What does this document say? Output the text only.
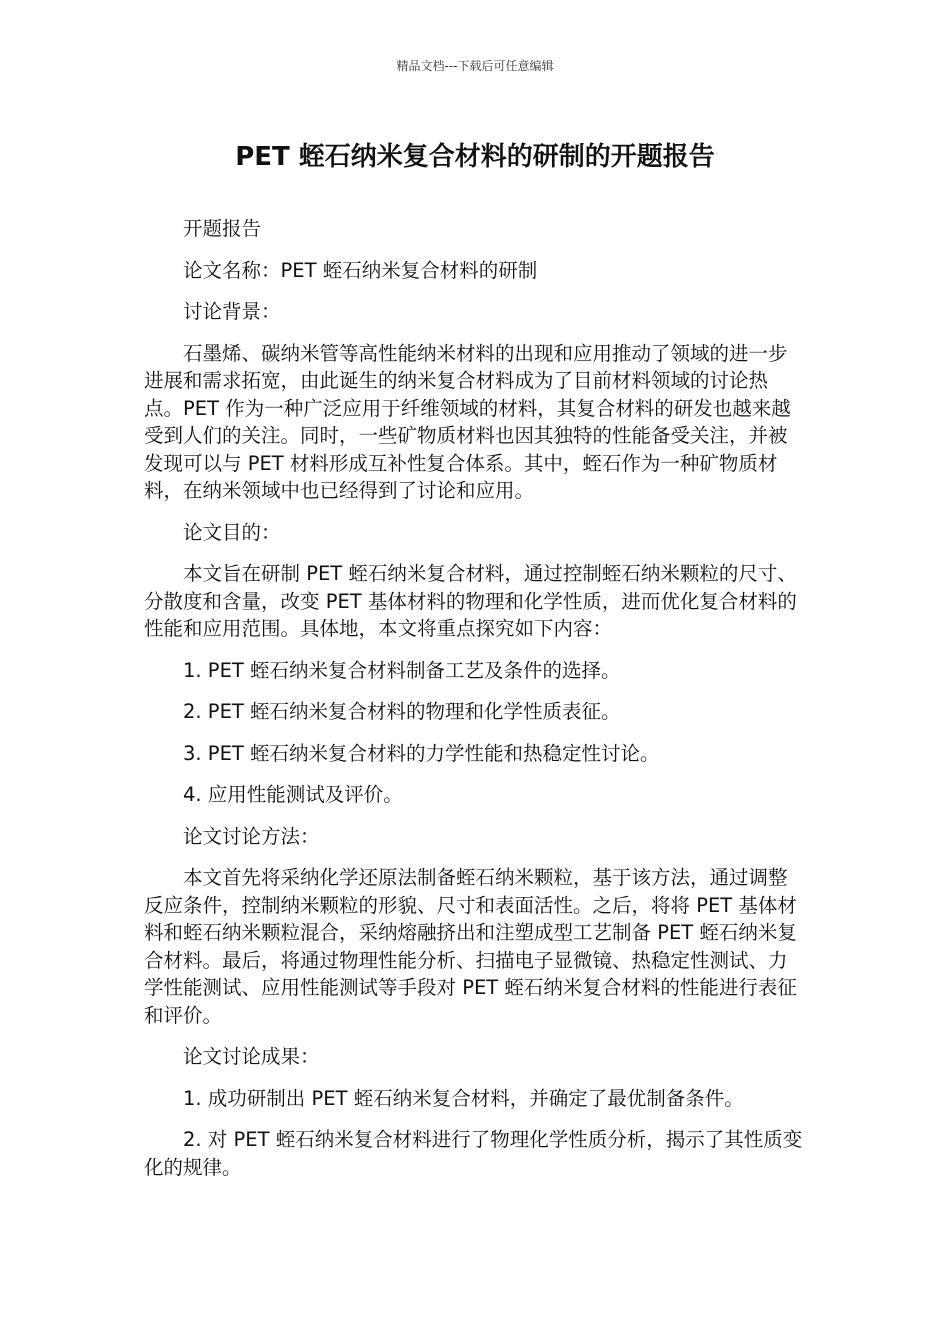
精品文档---下载后可任意编辑
PET 蛭石纳米复合材料的研制的开题报告

开题报告

论文名称：PET 蛭石纳米复合材料的研制

讨论背景：

石墨烯、碳纳米管等高性能纳米材料的出现和应用推动了领域的进一步进展和需求拓宽，由此诞生的纳米复合材料成为了目前材料领域的讨论热点。PET 作为一种广泛应用于纤维领域的材料，其复合材料的研发也越来越受到人们的关注。同时，一些矿物质材料也因其独特的性能备受关注，并被发现可以与 PET 材料形成互补性复合体系。其中，蛭石作为一种矿物质材料，在纳米领域中也已经得到了讨论和应用。

论文目的：

本文旨在研制 PET 蛭石纳米复合材料，通过控制蛭石纳米颗粒的尺寸、分散度和含量，改变 PET 基体材料的物理和化学性质，进而优化复合材料的性能和应用范围。具体地，本文将重点探究如下内容：

1. PET 蛭石纳米复合材料制备工艺及条件的选择。

2. PET 蛭石纳米复合材料的物理和化学性质表征。

3. PET 蛭石纳米复合材料的力学性能和热稳定性讨论。

4. 应用性能测试及评价。

论文讨论方法：

本文首先将采纳化学还原法制备蛭石纳米颗粒，基于该方法，通过调整反应条件，控制纳米颗粒的形貌、尺寸和表面活性。之后，将将 PET 基体材料和蛭石纳米颗粒混合，采纳熔融挤出和注塑成型工艺制备 PET 蛭石纳米复合材料。最后，将通过物理性能分析、扫描电子显微镜、热稳定性测试、力学性能测试、应用性能测试等手段对 PET 蛭石纳米复合材料的性能进行表征和评价。

论文讨论成果：

1. 成功研制出 PET 蛭石纳米复合材料，并确定了最优制备条件。

2. 对 PET 蛭石纳米复合材料进行了物理化学性质分析，揭示了其性质变化的规律。
